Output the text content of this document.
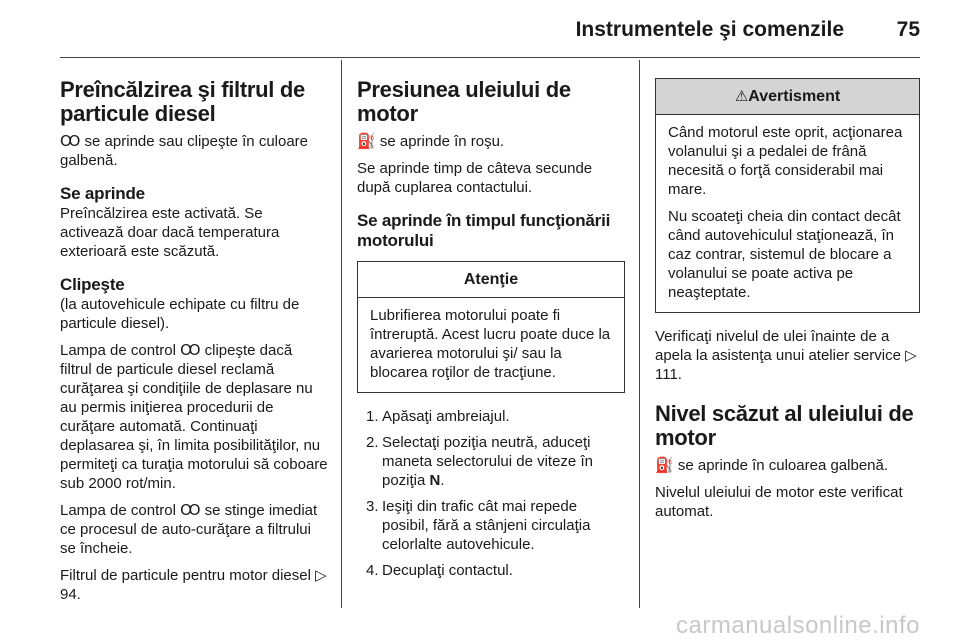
Instrumentele şi comenzile	75
Preîncălzirea şi filtrul de particule diesel

Ꝏ se aprinde sau clipeşte în culoare galbenă.

Se aprinde

Preîncălzirea este activată. Se activează doar dacă temperatura exterioară este scăzută.

Clipeşte

(la autovehicule echipate cu filtru de particule diesel).

Lampa de control Ꝏ clipeşte dacă filtrul de particule diesel reclamă curăţarea şi condiţiile de deplasare nu au permis iniţierea procedurii de curăţare automată. Continuaţi deplasarea şi, în limita posibilităţilor, nu permiteţi ca turaţia motorului să coboare sub 2000 rot/min.

Lampa de control Ꝏ se stinge imediat ce procesul de auto-curăţare a filtrului se încheie.

Filtrul de particule pentru motor diesel ▷ 94.

Presiunea uleiului de motor

⛽ se aprinde în roşu.

Se aprinde timp de câteva secunde după cuplarea contactului.

Se aprinde în timpul funcţionării motorului
Atenţie

Lubrifierea motorului poate fi întreruptă. Acest lucru poate duce la avarierea motorului şi/ sau la blocarea roţilor de tracţiune.

1. Apăsaţi ambreiajul.
2. Selectaţi poziţia neutră, aduceţi maneta selectorului de viteze în poziţia N.
3. Ieşiţi din trafic cât mai repede posibil, fără a stânjeni circulaţia celorlalte autovehicule.
4. Decuplaţi contactul.
⚠Avertisment

Când motorul este oprit, acţionarea volanului şi a pedalei de frână necesită o forţă considerabil mai mare.

Nu scoateţi cheia din contact decât când autovehiculul staţionează, în caz contrar, sistemul de blocare a volanului se poate activa pe neaşteptate.

Verificaţi nivelul de ulei înainte de a apela la asistenţa unui atelier service ▷ 111.

Nivel scăzut al uleiului de motor

⛽ se aprinde în culoarea galbenă.

Nivelul uleiului de motor este verificat automat.

carmanualsonline.info
